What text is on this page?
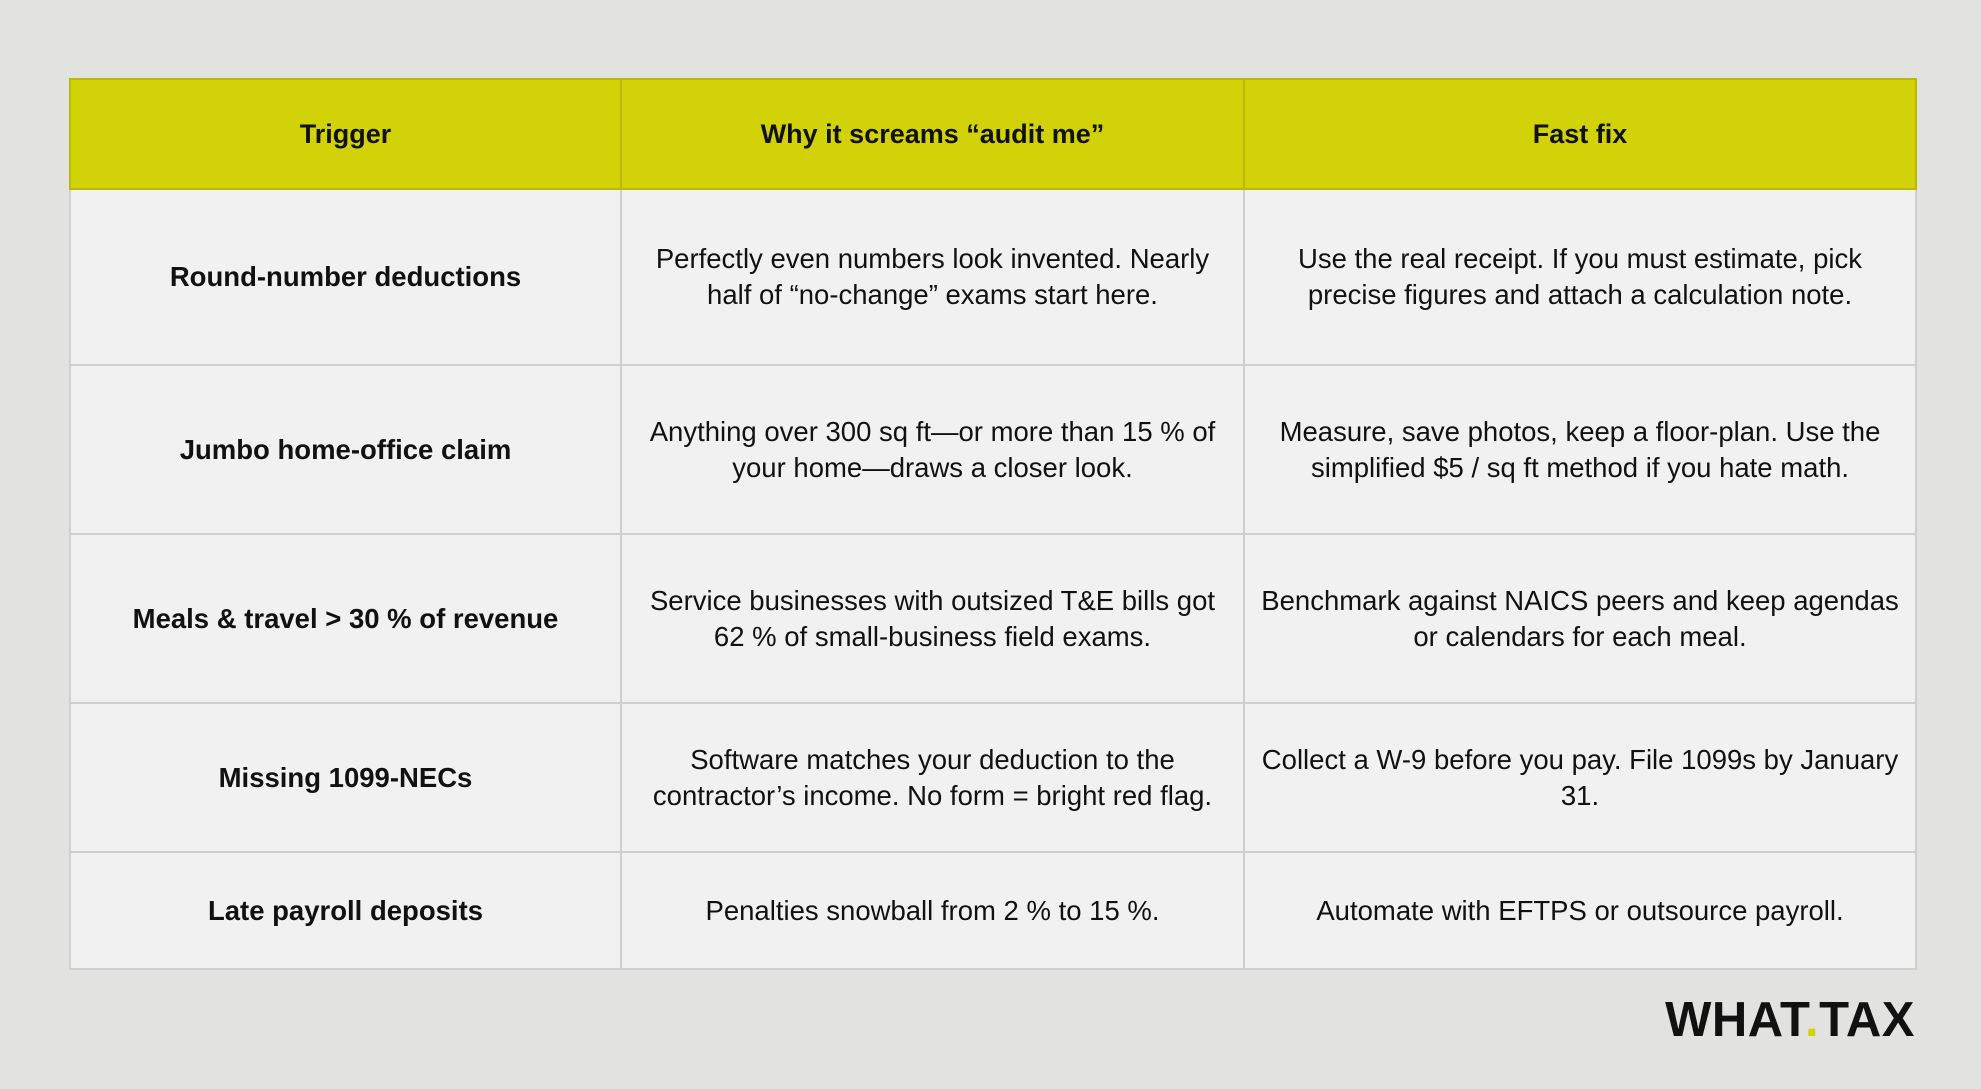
Trigger	Why it screams “audit me”	Fast fix
Round-number deductions	Perfectly even numbers look invented. Nearly half of “no-change” exams start here.	Use the real receipt. If you must estimate, pick precise figures and attach a calculation note.
Jumbo home-office claim	Anything over 300 sq ft—or more than 15 % of your home—draws a closer look.	Measure, save photos, keep a floor-plan. Use the simplified $5 / sq ft method if you hate math.
Meals & travel > 30 % of revenue	Service businesses with outsized T&E bills got 62 % of small-business field exams.	Benchmark against NAICS peers and keep agendas or calendars for each meal.
Missing 1099-NECs	Software matches your deduction to the contractor’s income. No form = bright red flag.	Collect a W-9 before you pay. File 1099s by January 31.
Late payroll deposits	Penalties snowball from 2 % to 15 %.	Automate with EFTPS or outsource payroll.
WHAT.TAX
